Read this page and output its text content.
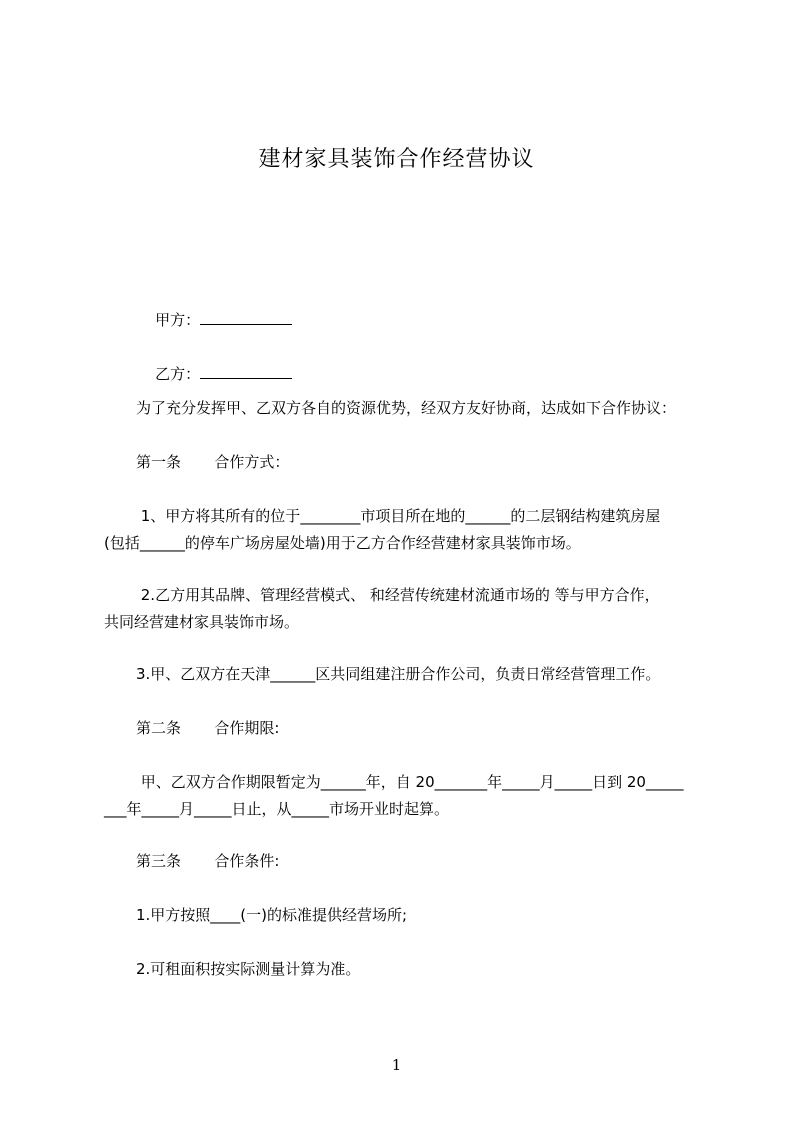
建材家具装饰合作经营协议

甲方：

乙方：

为了充分发挥甲、乙双方各自的资源优势，经双方友好协商，达成如下合作协议：
第一条       合作方式：
1、甲方将其所有的位于________市项目所在地的______的二层钢结构建筑房屋
(包括______的停车广场房屋处墙)用于乙方合作经营建材家具装饰市场。
2.乙方用其品牌、管理经营模式、 和经营传统建材流通市场的 等与甲方合作，
共同经营建材家具装饰市场。
3.甲、乙双方在天津______区共同组建注册合作公司，负责日常经营管理工作。
第二条       合作期限:
甲、乙双方合作期限暂定为______年，自 20_______年_____月_____日到 20_____
___年_____月_____日止，从_____市场开业时起算。
第三条       合作条件:
1.甲方按照____(一)的标准提供经营场所;
2.可租面积按实际测量计算为准。
1
